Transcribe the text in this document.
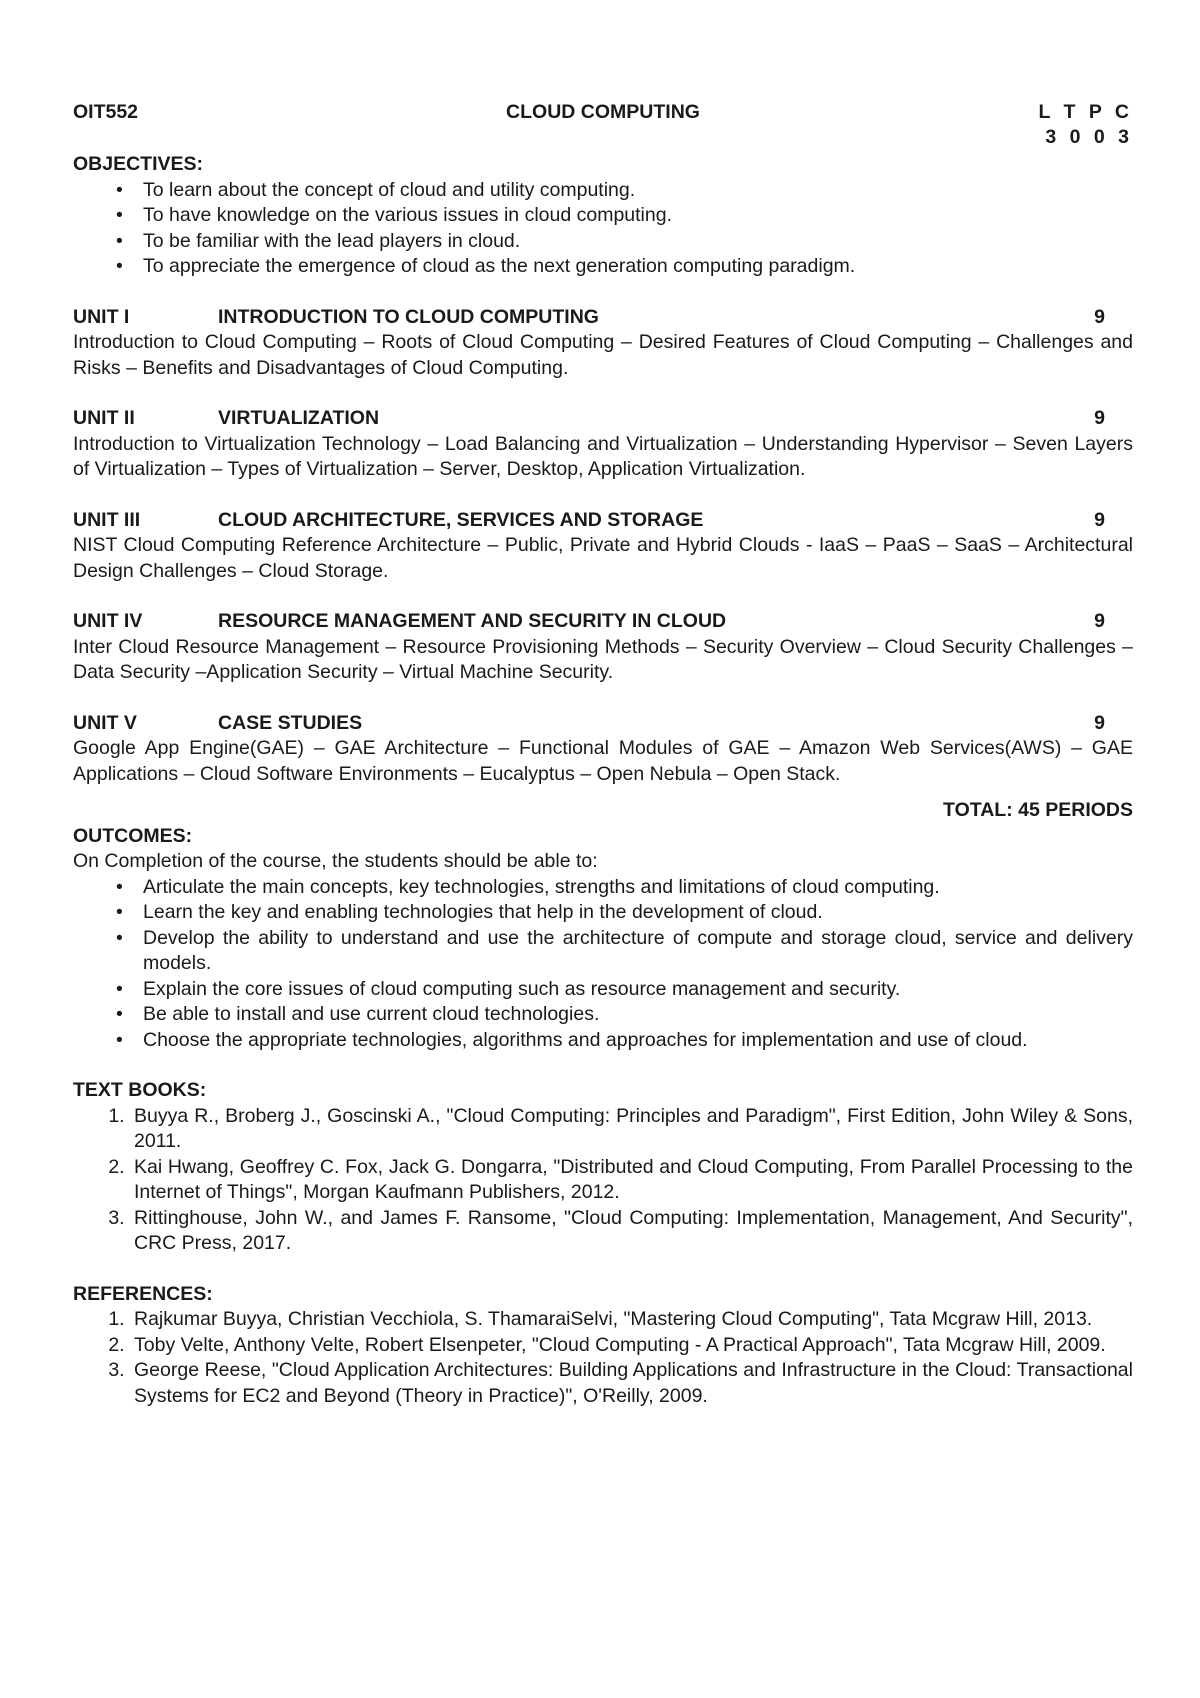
OIT552	CLOUD COMPUTING	L T P C
3 0 0 3
OBJECTIVES:
• To learn about the concept of cloud and utility computing.
• To have knowledge on the various issues in cloud computing.
• To be familiar with the lead players in cloud.
• To appreciate the emergence of cloud as the next generation computing paradigm.
UNIT I	INTRODUCTION TO CLOUD COMPUTING	9
Introduction to Cloud Computing – Roots of Cloud Computing – Desired Features of Cloud Computing – Challenges and Risks – Benefits and Disadvantages of Cloud Computing.
UNIT II	VIRTUALIZATION	9
Introduction to Virtualization Technology – Load Balancing and Virtualization – Understanding Hypervisor – Seven Layers of Virtualization – Types of Virtualization – Server, Desktop, Application Virtualization.
UNIT III	CLOUD ARCHITECTURE, SERVICES AND STORAGE	9
NIST Cloud Computing Reference Architecture – Public, Private and Hybrid Clouds - IaaS – PaaS – SaaS – Architectural Design Challenges – Cloud Storage.
UNIT IV	RESOURCE MANAGEMENT AND SECURITY IN CLOUD	9
Inter Cloud Resource Management – Resource Provisioning Methods – Security Overview – Cloud Security Challenges – Data Security –Application Security – Virtual Machine Security.
UNIT V	CASE STUDIES	9
Google App Engine(GAE) – GAE Architecture – Functional Modules of GAE – Amazon Web Services(AWS) – GAE Applications – Cloud Software Environments – Eucalyptus – Open Nebula – Open Stack.
TOTAL: 45 PERIODS
OUTCOMES:
On Completion of the course, the students should be able to:
• Articulate the main concepts, key technologies, strengths and limitations of cloud computing.
• Learn the key and enabling technologies that help in the development of cloud.
• Develop the ability to understand and use the architecture of compute and storage cloud, service and delivery models.
• Explain the core issues of cloud computing such as resource management and security.
• Be able to install and use current cloud technologies.
• Choose the appropriate technologies, algorithms and approaches for implementation and use of cloud.
TEXT BOOKS:
1. Buyya R., Broberg J., Goscinski A., "Cloud Computing: Principles and Paradigm", First Edition, John Wiley & Sons, 2011.
2. Kai Hwang, Geoffrey C. Fox, Jack G. Dongarra, "Distributed and Cloud Computing, From Parallel Processing to the Internet of Things", Morgan Kaufmann Publishers, 2012.
3. Rittinghouse, John W., and James F. Ransome, "Cloud Computing: Implementation, Management, And Security", CRC Press, 2017.
REFERENCES:
1. Rajkumar Buyya, Christian Vecchiola, S. ThamaraiSelvi, "Mastering Cloud Computing", Tata Mcgraw Hill, 2013.
2. Toby Velte, Anthony Velte, Robert Elsenpeter, "Cloud Computing - A Practical Approach", Tata Mcgraw Hill, 2009.
3. George Reese, "Cloud Application Architectures: Building Applications and Infrastructure in the Cloud: Transactional Systems for EC2 and Beyond (Theory in Practice)", O'Reilly, 2009.
